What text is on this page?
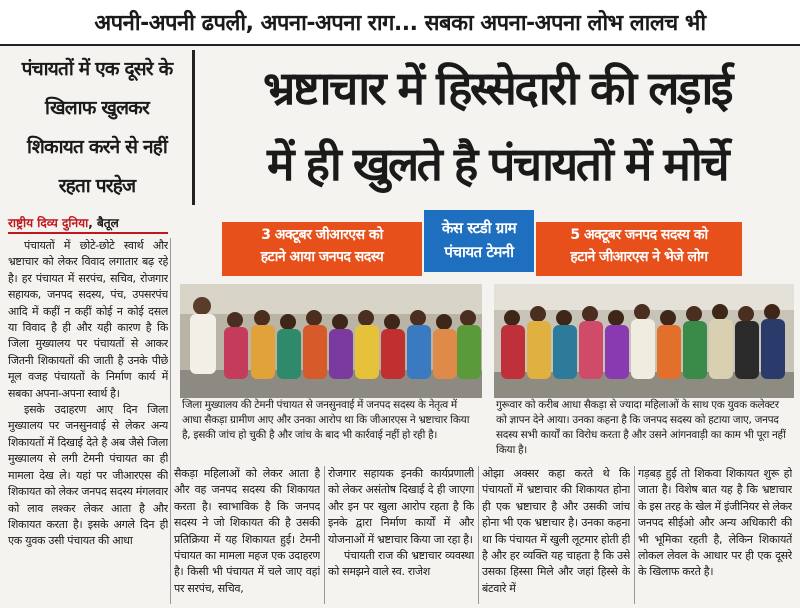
अपनी-अपनी ढपली, अपना-अपना राग... सबका अपना-अपना लोभ लालच भी
पंचायतों में एक दूसरे के
खिलाफ खुलकर
शिकायत करने से नहीं
रहता परहेज
भ्रष्टाचार में हिस्सेदारी की लड़ाई
में ही खुलते है पंचायतों में मोर्चे
राष्ट्रीय दिव्य दुनिया, बैतूल

पंचायतों में छोटे-छोटे स्वार्थ और भ्रष्टाचार को लेकर विवाद लगातार बढ़ रहे है। हर पंचायत में सरपंच, सचिव, रोजगार सहायक, जनपद सदस्य, पंच, उपसरपंच आदि में कहीं न कहीं कोई न कोई दसल या विवाद है ही और यही कारण है कि जिला मुख्यालय पर पंचायतों से आकर जितनी शिकायतों की जाती है उनके पीछे मूल वजह पंचायतों के निर्माण कार्य में सबका अपना-अपना स्वार्थ है।

इसके उदाहरण आए दिन जिला मुख्यालय पर जनसुनवाई से लेकर अन्य शिकायतों में दिखाई देते है अब जैसे जिला मुख्यालय से लगी टेमनी पंचायत का ही मामला देख ले। यहां पर जीआरएस की शिकायत को लेकर जनपद सदस्य मंगलवार को लाव लश्कर लेकर आता है और शिकायत करता है। इसके अगले दिन ही एक युवक उसी पंचायत की आधा

3 अक्टूबर जीआरएस को
हटाने आया जनपद सदस्य
केस स्टडी ग्राम
पंचायत टेमनी
5 अक्टूबर जनपद सदस्य को
हटाने जीआरएस ने भेजे लोग
जिला मुख्यालय की टेमनी पंचायत से जनसुनवाई में जनपद सदस्य के नेतृत्व में आधा सैकड़ा ग्रामीण आए और उनका आरोप था कि जीआरएस ने भ्रष्टाचार किया है, इसकी जांच हो चुकी है और जांच के बाद भी कार्रवाई नहीं हो रही है।
गुरूवार को करीब आधा सैकड़ा से ज्यादा महिलाओं के साथ एक युवक कलेक्टर को ज्ञापन देने आया। उनका कहना है कि जनपद सदस्य को हटाया जाए, जनपद सदस्य सभी कार्यों का विरोध करता है और उसने आंगनवाड़ी का काम भी पूरा नहीं किया है।

सैकड़ा महिलाओं को लेकर आता है और वह जनपद सदस्य की शिकायत करता है। स्वाभाविक है कि जनपद सदस्य ने जो शिकायत की है उसकी प्रतिक्रिया में यह शिकायत हुई। टेमनी पंचायत का मामला महज एक उदाहरण है। किसी भी पंचायत में चले जाए वहां पर सरपंच, सचिव,

रोजगार सहायक इनकी कार्यप्रणाली को लेकर असंतोष दिखाई दे ही जाएगा और इन पर खुला आरोप रहता है कि इनके द्वारा निर्माण कार्यों में और योजनाओं में भ्रष्टाचार किया जा रहा है।

पंचायती राज की भ्रष्टाचार व्यवस्था को समझने वाले स्व. राजेश

ओझा अक्सर कहा करते थे कि पंचायतों में भ्रष्टाचार की शिकायत होना ही एक भ्रष्टाचार है और उसकी जांच होना भी एक भ्रष्टाचार है। उनका कहना था कि पंचायत में खुली लूटमार होती ही है और हर व्यक्ति यह चाहता है कि उसे उसका हिस्सा मिले और जहां हिस्से के बंटवारे में

गड़बड़ हुई तो शिकवा शिकायत शुरू हो जाता है। विशेष बात यह है कि भ्रष्टाचार के इस तरह के खेल में इंजीनियर से लेकर जनपद सीईओ और अन्य अधिकारी की भी भूमिका रहती है, लेकिन शिकायतें लोकल लेवल के आधार पर ही एक दूसरे के खिलाफ करते है।
